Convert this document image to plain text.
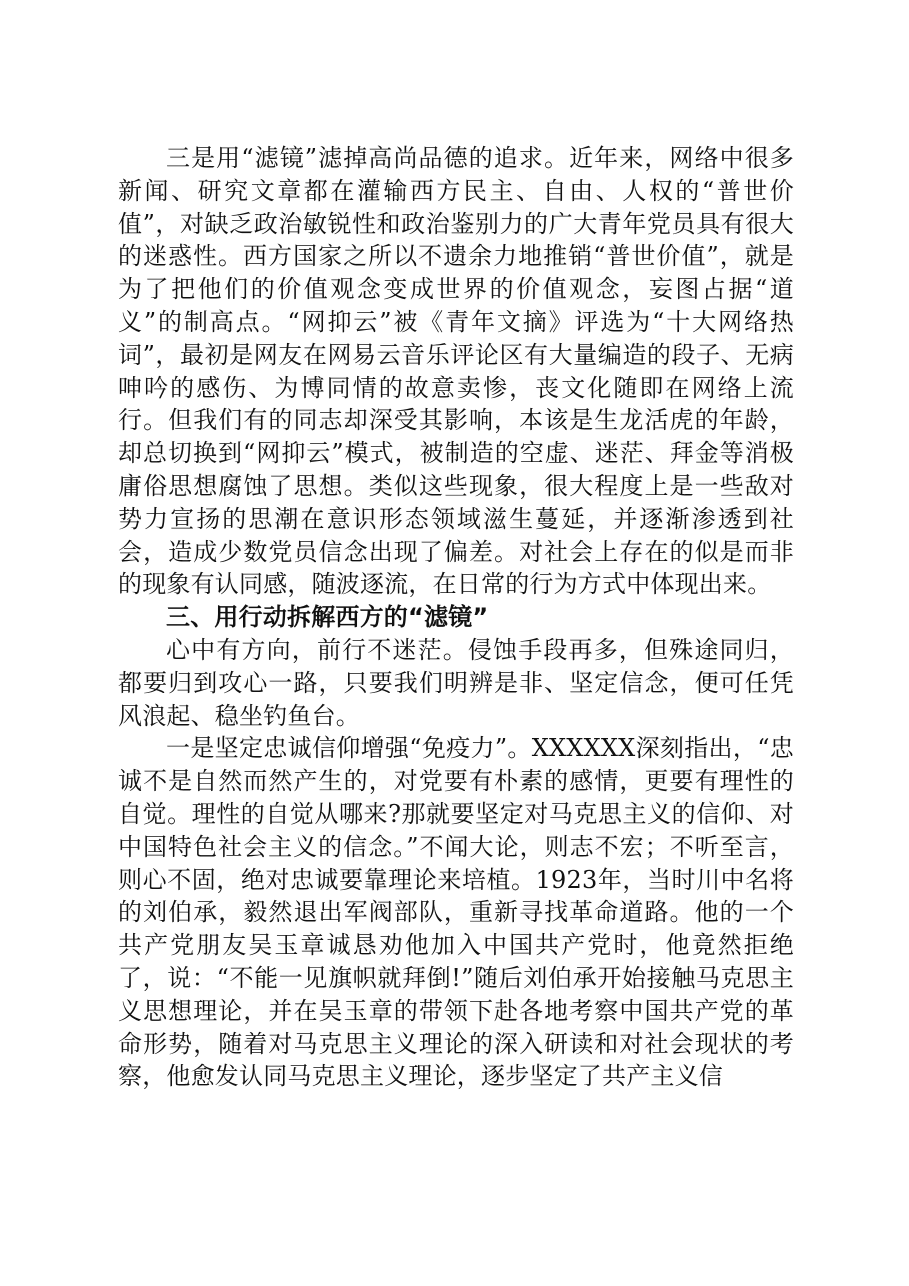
三是用“滤镜”滤掉高尚品德的追求。近年来，网络中很多新闻、研究文章都在灌输西方民主、自由、人权的“普世价值”，对缺乏政治敏锐性和政治鉴别力的广大青年党员具有很大的迷惑性。西方国家之所以不遗余力地推销“普世价值”，就是为了把他们的价值观念变成世界的价值观念，妄图占据“道义”的制高点。“网抑云”被《青年文摘》评选为“十大网络热词”，最初是网友在网易云音乐评论区有大量编造的段子、无病呻吟的感伤、为博同情的故意卖惨，丧文化随即在网络上流行。但我们有的同志却深受其影响，本该是生龙活虎的年龄，却总切换到“网抑云”模式，被制造的空虚、迷茫、拜金等消极庸俗思想腐蚀了思想。类似这些现象，很大程度上是一些敌对势力宣扬的思潮在意识形态领域滋生蔓延，并逐渐渗透到社会，造成少数党员信念出现了偏差。对社会上存在的似是而非的现象有认同感，随波逐流，在日常的行为方式中体现出来。

三、用行动拆解西方的“滤镜”

心中有方向，前行不迷茫。侵蚀手段再多，但殊途同归，都要归到攻心一路，只要我们明辨是非、坚定信念，便可任凭风浪起、稳坐钓鱼台。

一是坚定忠诚信仰增强“免疫力”。XXXXXX深刻指出，“忠诚不是自然而然产生的，对党要有朴素的感情，更要有理性的自觉。理性的自觉从哪来?那就要坚定对马克思主义的信仰、对中国特色社会主义的信念。”不闻大论，则志不宏；不听至言，则心不固，绝对忠诚要靠理论来培植。1923年，当时川中名将的刘伯承，毅然退出军阀部队，重新寻找革命道路。他的一个共产党朋友吴玉章诚恳劝他加入中国共产党时，他竟然拒绝了，说：“不能一见旗帜就拜倒!”随后刘伯承开始接触马克思主义思想理论，并在吴玉章的带领下赴各地考察中国共产党的革命形势，随着对马克思主义理论的深入研读和对社会现状的考察，他愈发认同马克思主义理论，逐步坚定了共产主义信
